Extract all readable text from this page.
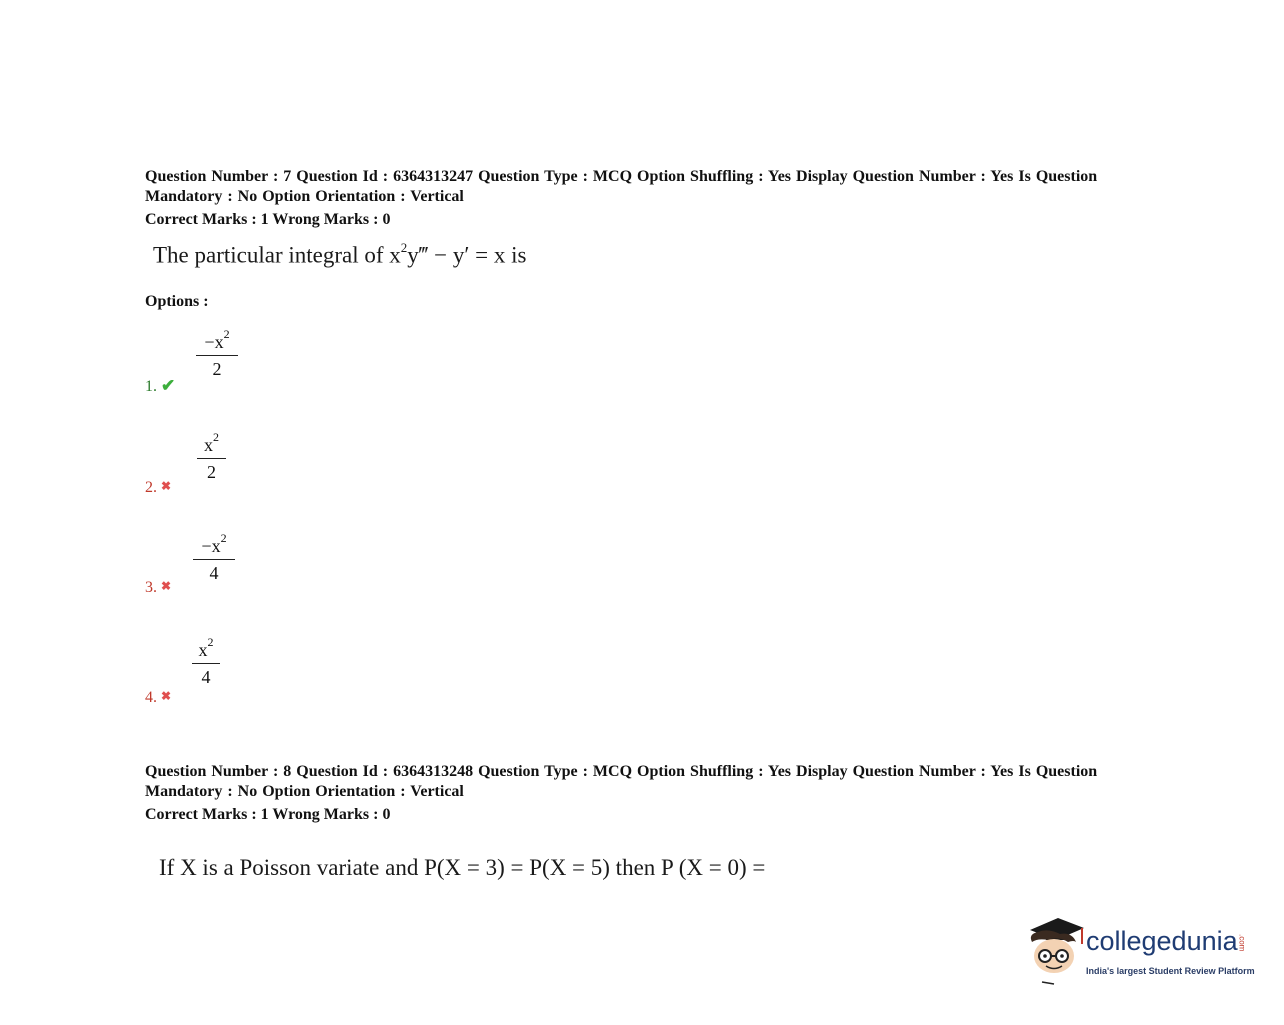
Question Number : 7 Question Id : 6364313247 Question Type : MCQ Option Shuffling : Yes Display Question Number : Yes Is Question Mandatory : No Option Orientation : Vertical
Correct Marks : 1 Wrong Marks : 0
The particular integral of $x^2y‴ - y' = x$ is
Options :
$-x^2$
2
1. ✔
$x^2$
2
2. ✖
$-x^2$
4
3. ✖
$x^2$
4
4. ✖
Question Number : 8 Question Id : 6364313248 Question Type : MCQ Option Shuffling : Yes Display Question Number : Yes Is Question Mandatory : No Option Orientation : Vertical
Correct Marks : 1 Wrong Marks : 0
If X is a Poisson variate and P(X = 3) = P(X = 5) then P (X = 0) =
collegedunia.com
India's largest Student Review Platform
